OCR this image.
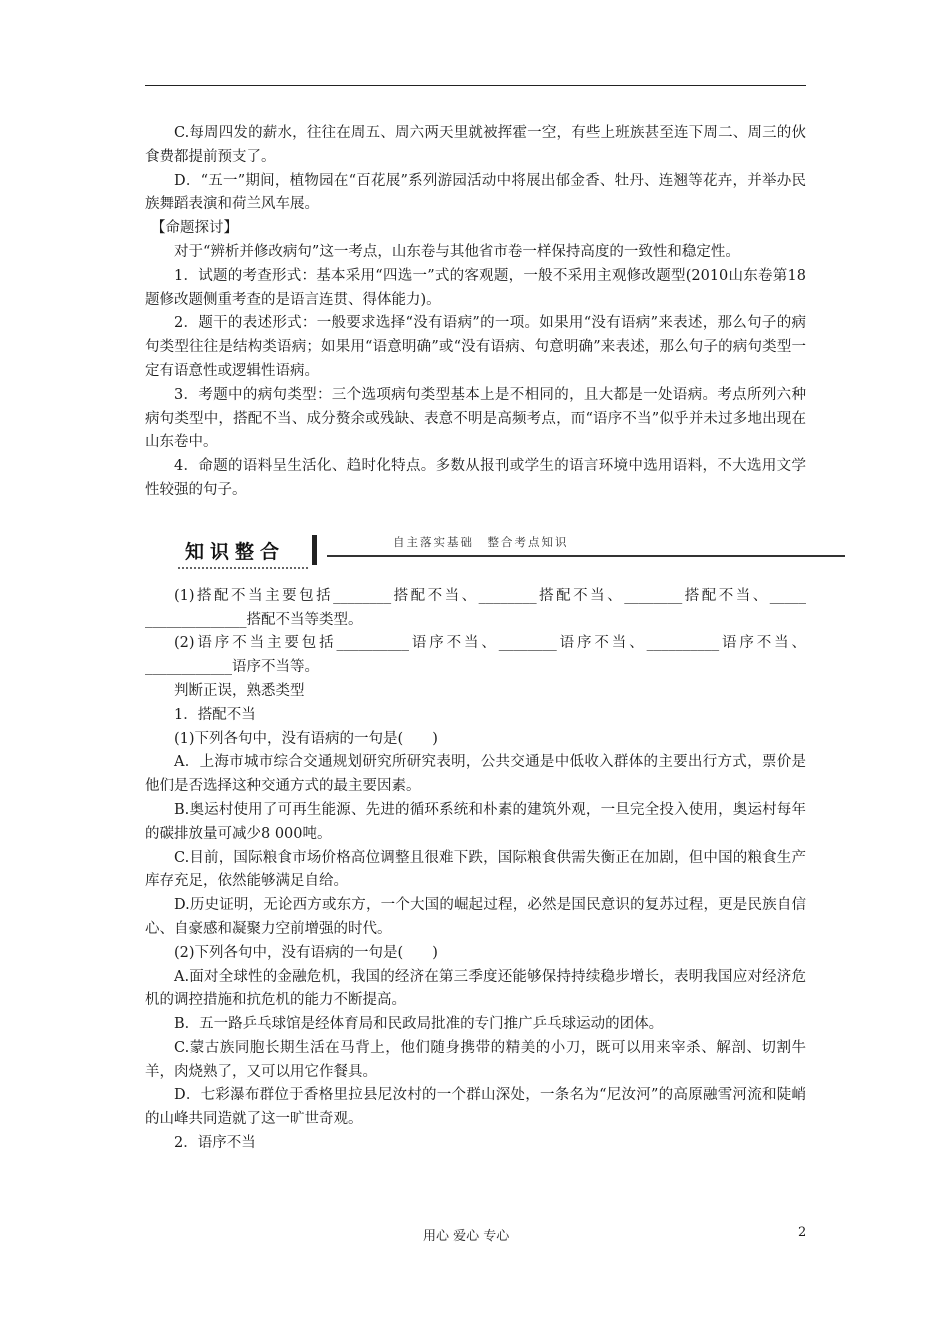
C.每周四发的薪水，往往在周五、周六两天里就被挥霍一空，有些上班族甚至连下周二、周三的伙食费都提前预支了。

D．“五一”期间，植物园在“百花展”系列游园活动中将展出郁金香、牡丹、连翘等花卉，并举办民族舞蹈表演和荷兰风车展。

【命题探讨】

对于“辨析并修改病句”这一考点，山东卷与其他省市卷一样保持高度的一致性和稳定性。

1．试题的考查形式：基本采用“四选一”式的客观题，一般不采用主观修改题型(2010山东卷第18题修改题侧重考查的是语言连贯、得体能力)。

2．题干的表述形式：一般要求选择“没有语病”的一项。如果用“没有语病”来表述，那么句子的病句类型往往是结构类语病；如果用“语意明确”或“没有语病、句意明确”来表述，那么句子的病句类型一定有语意性或逻辑性语病。

3．考题中的病句类型：三个选项病句类型基本上是不相同的，且大都是一处语病。考点所列六种病句类型中，搭配不当、成分赘余或残缺、表意不明是高频考点，而“语序不当”似乎并未过多地出现在山东卷中。

4．命题的语料呈生活化、趋时化特点。多数从报刊或学生的语言环境中选用语料，不大选用文学性较强的句子。

知识整合	自主落实基础　整合考点知识

(1)搭配不当主要包括________搭配不当、________搭配不当、________搭配不当、_____ ______________搭配不当等类型。

(2)语序不当主要包括__________语序不当、________语序不当、__________语序不当、____________语序不当等。

判断正误，熟悉类型

1．搭配不当

(1)下列各句中，没有语病的一句是(　　)

A．上海市城市综合交通规划研究所研究表明，公共交通是中低收入群体的主要出行方式，票价是他们是否选择这种交通方式的最主要因素。

B.奥运村使用了可再生能源、先进的循环系统和朴素的建筑外观，一旦完全投入使用，奥运村每年的碳排放量可减少8 000吨。

C.目前，国际粮食市场价格高位调整且很难下跌，国际粮食供需失衡正在加剧，但中国的粮食生产库存充足，依然能够满足自给。

D.历史证明，无论西方或东方，一个大国的崛起过程，必然是国民意识的复苏过程，更是民族自信心、自豪感和凝聚力空前增强的时代。

(2)下列各句中，没有语病的一句是(　　)

A.面对全球性的金融危机，我国的经济在第三季度还能够保持持续稳步增长，表明我国应对经济危机的调控措施和抗危机的能力不断提高。

B．五一路乒乓球馆是经体育局和民政局批准的专门推广乒乓球运动的团体。

C.蒙古族同胞长期生活在马背上，他们随身携带的精美的小刀，既可以用来宰杀、解剖、切割牛羊，肉烧熟了，又可以用它作餐具。

D．七彩瀑布群位于香格里拉县尼汝村的一个群山深处，一条名为“尼汝河”的高原融雪河流和陡峭的山峰共同造就了这一旷世奇观。

2．语序不当

用心 爱心 专心	2
